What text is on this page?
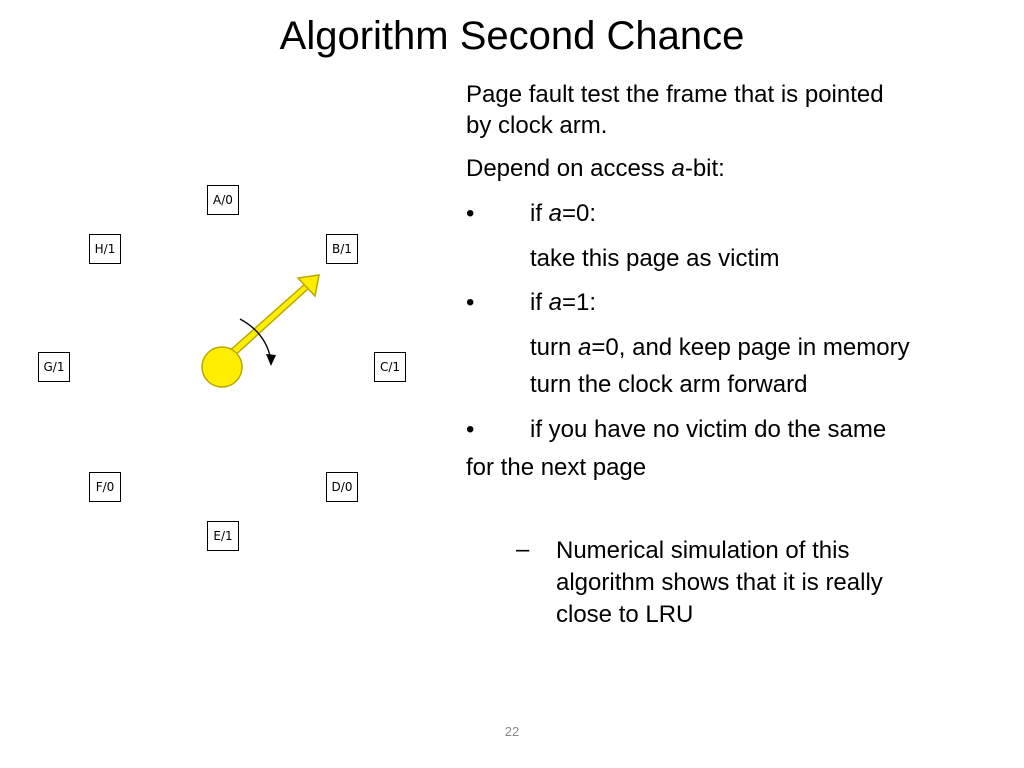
Algorithm Second Chance
A/0
B/1
C/1
D/0
E/1
F/0
G/1
H/1
Page fault test the frame that is pointed
by clock arm.
Depend on access a-bit:
• if a=0:
take this page as victim
• if a=1:
turn a=0, and keep page in memory
turn the clock arm forward
• if you have no victim do the same
for the next page
– Numerical simulation of this
algorithm shows that it is really
close to LRU
22
